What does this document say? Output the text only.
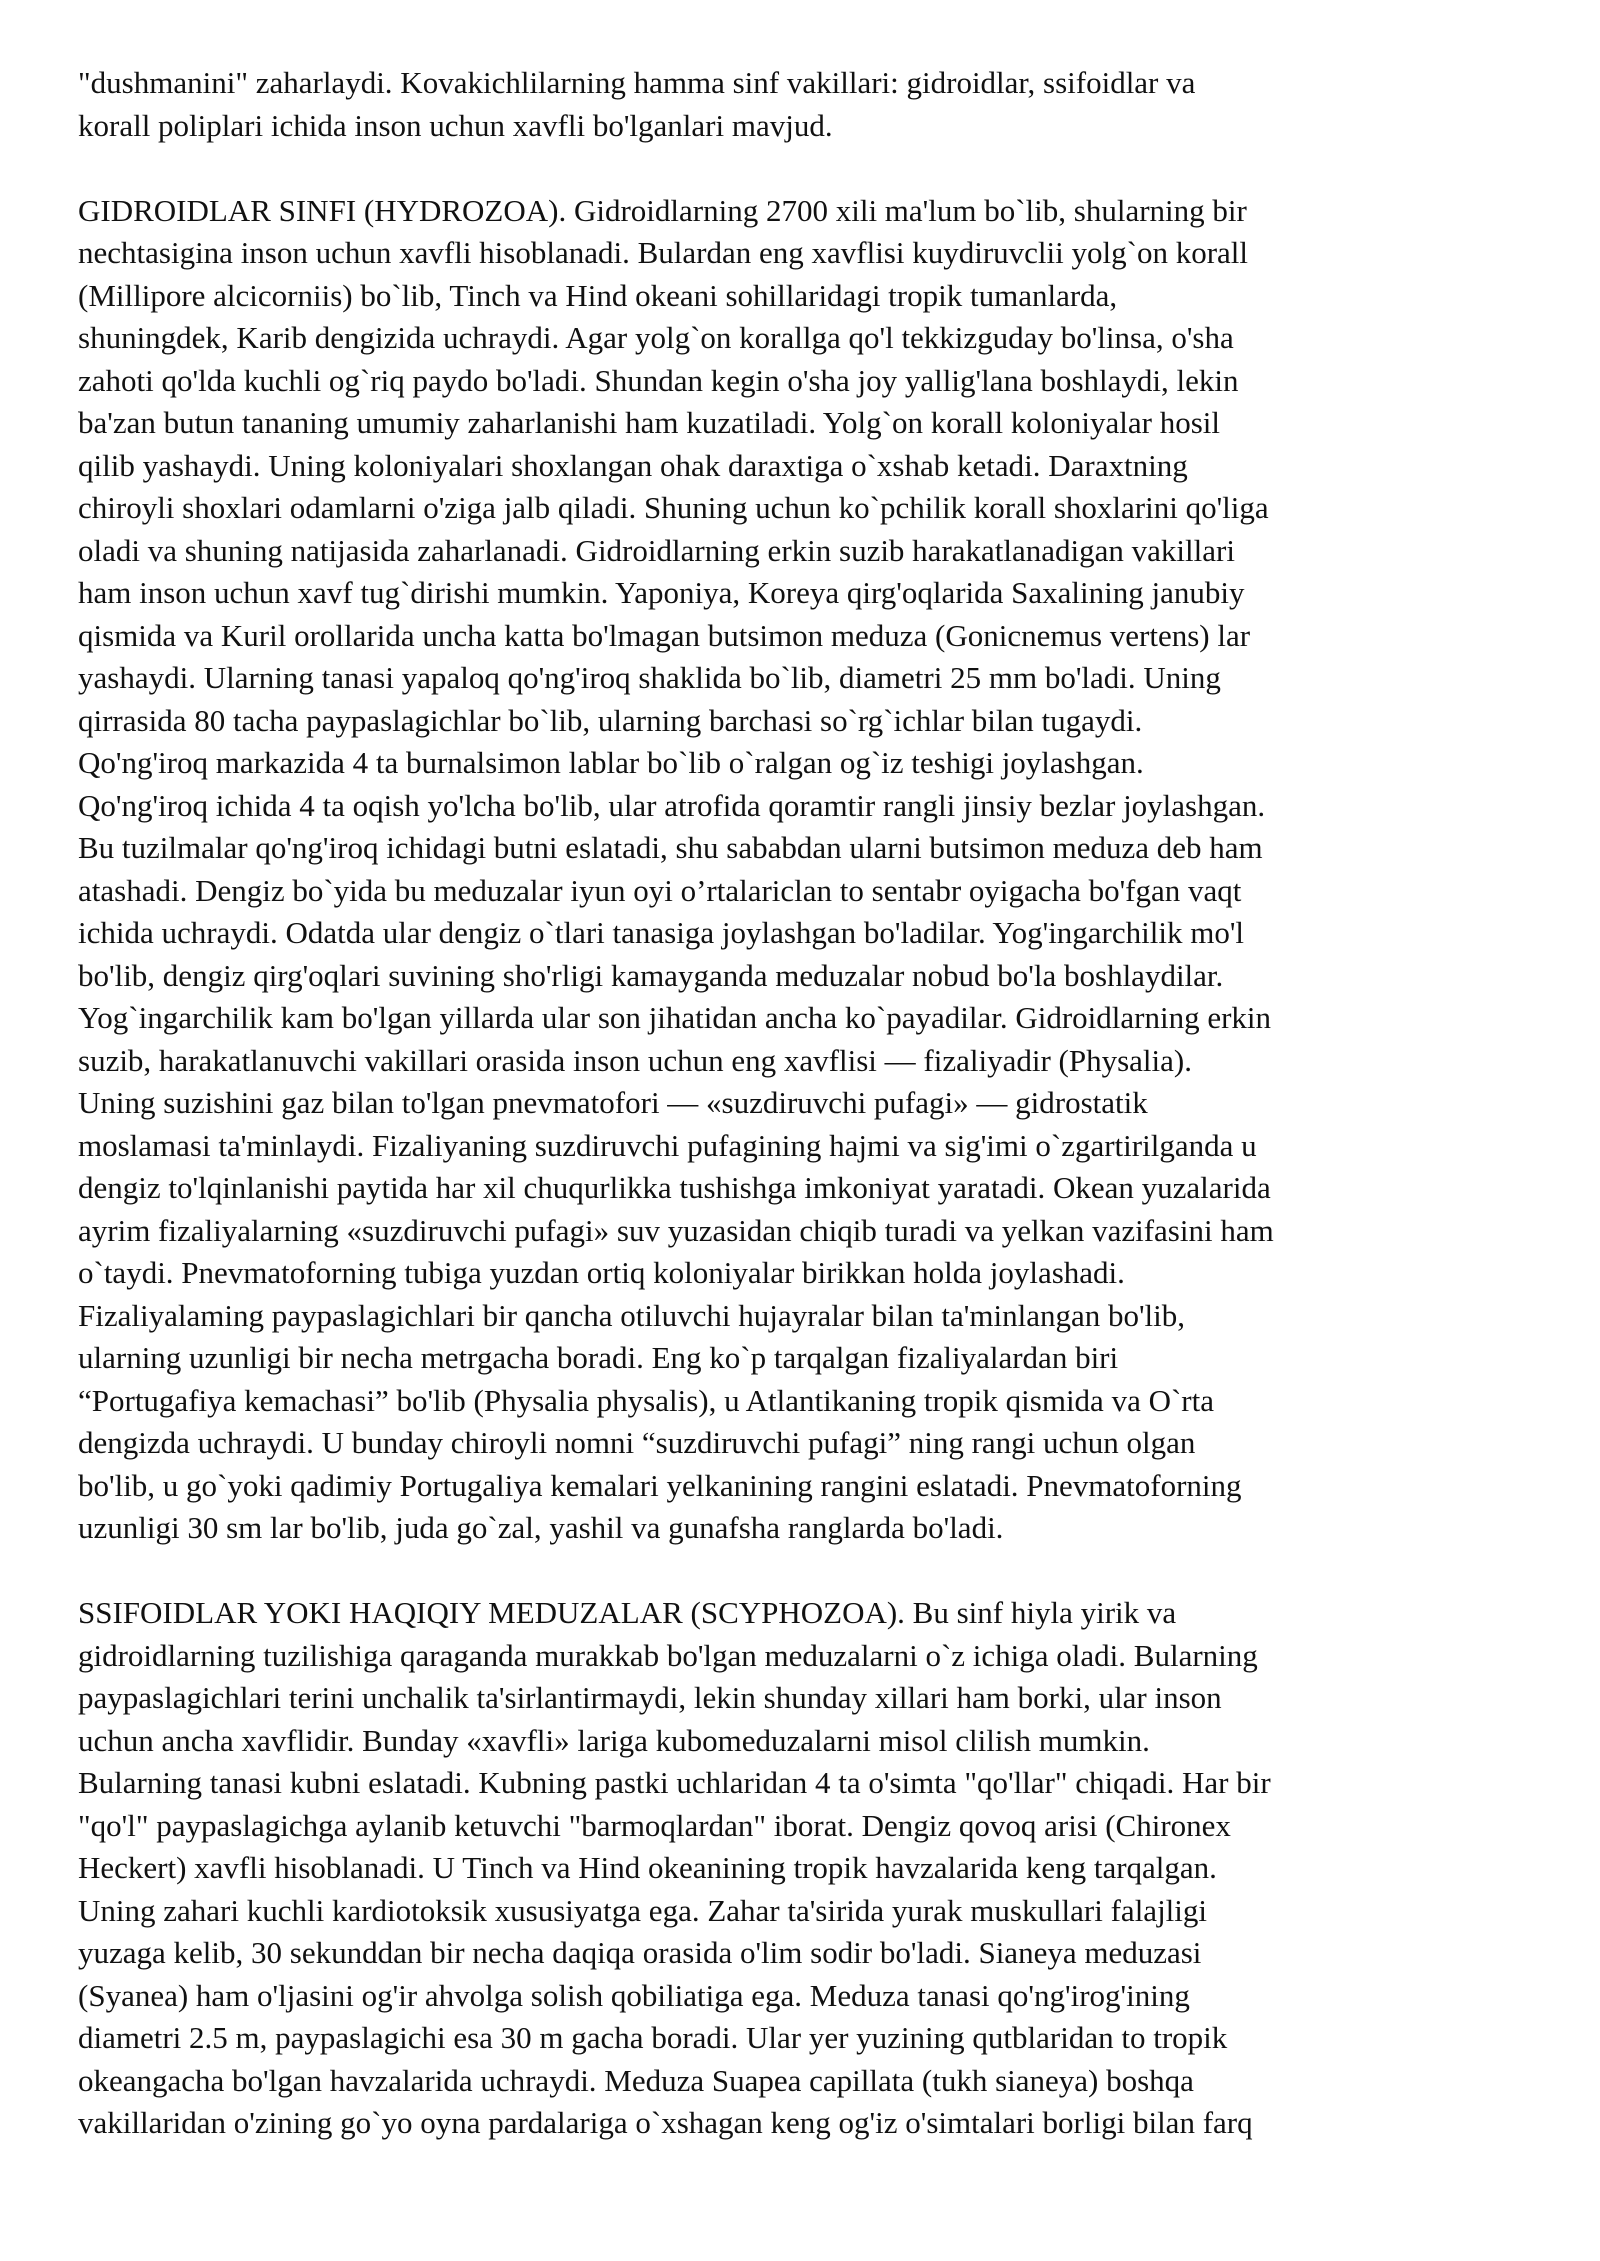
"dushmanini" zaharlaydi. Kovakichlilarning hamma sinf vakillari: gidroidlar, ssifoidlar va

korall poliplari ichida inson uchun xavfli bo'lganlari mavjud.

GIDROIDLAR SINFI (HYDROZOA). Gidroidlarning 2700 xili ma'lum bo`lib, shularning bir

nechtasigina inson uchun xavfli hisoblanadi. Bulardan eng xavflisi kuydiruvclii yolg`on korall

(Millipore alcicorniis) bo`lib, Tinch va Hind okeani sohillaridagi tropik tumanlarda,

shuningdek, Karib dengizida uchraydi. Agar yolg`on korallga qo'l tekkizguday bo'linsa, o'sha

zahoti qo'lda kuchli og`riq paydo bo'ladi. Shundan kegin o'sha joy yallig'lana boshlaydi, lekin

ba'zan butun tananing umumiy zaharlanishi ham kuzatiladi. Yolg`on korall koloniyalar hosil

qilib yashaydi. Uning koloniyalari shoxlangan ohak daraxtiga o`xshab ketadi. Daraxtning

chiroyli shoxlari odamlarni o'ziga jalb qiladi. Shuning uchun ko`pchilik korall shoxlarini qo'liga

oladi va shuning natijasida zaharlanadi. Gidroidlarning erkin suzib harakatlanadigan vakillari

ham inson uchun xavf tug`dirishi mumkin. Yaponiya, Koreya qirg'oqlarida Saxalining janubiy

qismida va Kuril orollarida uncha katta bo'lmagan butsimon meduza (Gonicnemus vertens) lar

yashaydi. Ularning tanasi yapaloq qo'ng'iroq shaklida bo`lib, diametri 25 mm bo'ladi. Uning

qirrasida 80 tacha paypaslagichlar bo`lib, ularning barchasi so`rg`ichlar bilan tugaydi.

Qo'ng'iroq markazida 4 ta burnalsimon lablar bo`lib o`ralgan og`iz teshigi joylashgan.

Qo'ng'iroq ichida 4 ta oqish yo'lcha bo'lib, ular atrofida qoramtir rangli jinsiy bezlar joylashgan.

Bu tuzilmalar qo'ng'iroq ichidagi butni eslatadi, shu sababdan ularni butsimon meduza deb ham

atashadi. Dengiz bo`yida bu meduzalar iyun oyi o’rtalariclan to sentabr oyigacha bo'fgan vaqt

ichida uchraydi. Odatda ular dengiz o`tlari tanasiga joylashgan bo'ladilar. Yog'ingarchilik mo'l

bo'lib, dengiz qirg'oqlari suvining sho'rligi kamayganda meduzalar nobud bo'la boshlaydilar.

Yog`ingarchilik kam bo'lgan yillarda ular son jihatidan ancha ko`payadilar. Gidroidlarning erkin

suzib, harakatlanuvchi vakillari orasida inson uchun eng xavflisi — fizaliyadir (Physalia).

Uning suzishini gaz bilan to'lgan pnevmatofori — «suzdiruvchi pufagi» — gidrostatik

moslamasi ta'minlaydi. Fizaliyaning suzdiruvchi pufagining hajmi va sig'imi o`zgartirilganda u

dengiz to'lqinlanishi paytida har xil chuqurlikka tushishga imkoniyat yaratadi. Okean yuzalarida

ayrim fizaliyalarning «suzdiruvchi pufagi» suv yuzasidan chiqib turadi va yelkan vazifasini ham

o`taydi. Pnevmatoforning tubiga yuzdan ortiq koloniyalar birikkan holda joylashadi.

Fizaliyalaming paypaslagichlari bir qancha otiluvchi hujayralar bilan ta'minlangan bo'lib,

ularning uzunligi bir necha metrgacha boradi. Eng ko`p tarqalgan fizaliyalardan biri

“Portugafiya kemachasi” bo'lib (Physalia physalis), u Atlantikaning tropik qismida va O`rta

dengizda uchraydi. U bunday chiroyli nomni “suzdiruvchi pufagi” ning rangi uchun olgan

bo'lib, u go`yoki qadimiy Portugaliya kemalari yelkanining rangini eslatadi. Pnevmatoforning

uzunligi 30 sm lar bo'lib, juda go`zal, yashil va gunafsha ranglarda bo'ladi.

SSIFOIDLAR YOKI HAQIQIY MEDUZALAR (SCYPHOZOA). Bu sinf hiyla yirik va

gidroidlarning tuzilishiga qaraganda murakkab bo'lgan meduzalarni o`z ichiga oladi. Bularning

paypaslagichlari terini unchalik ta'sirlantirmaydi, lekin shunday xillari ham borki, ular inson

uchun ancha xavflidir. Bunday «xavfli» lariga kubomeduzalarni misol clilish mumkin.

Bularning tanasi kubni eslatadi. Kubning pastki uchlaridan 4 ta o'simta "qo'llar" chiqadi. Har bir

"qo'l" paypaslagichga aylanib ketuvchi "barmoqlardan" iborat. Dengiz qovoq arisi (Chironex

Heckert) xavfli hisoblanadi. U Tinch va Hind okeanining tropik havzalarida keng tarqalgan.

Uning zahari kuchli kardiotoksik xususiyatga ega. Zahar ta'sirida yurak muskullari falajligi

yuzaga kelib, 30 sekunddan bir necha daqiqa orasida o'lim sodir bo'ladi. Sianeya meduzasi

(Syanea) ham o'ljasini og'ir ahvolga solish qobiliatiga ega. Meduza tanasi qo'ng'irog'ining

diametri 2.5 m, paypaslagichi esa 30 m gacha boradi. Ular yer yuzining qutblaridan to tropik

okeangacha bo'lgan havzalarida uchraydi. Meduza Suapea capillata (tukh sianeya) boshqa

vakillaridan o'zining go`yo oyna pardalariga o`xshagan keng og'iz o'simtalari borligi bilan farq
